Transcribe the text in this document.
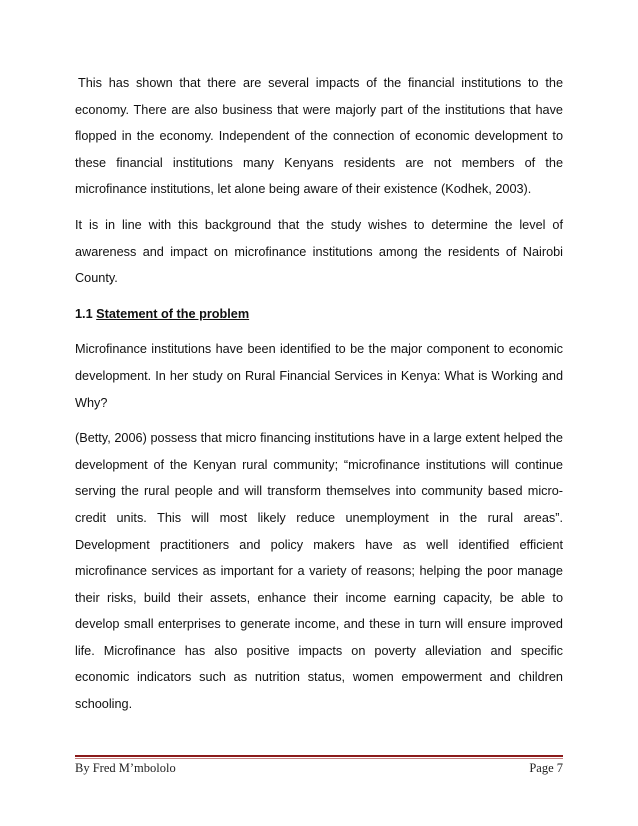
This has shown that there are several impacts of the financial institutions to the economy. There are also business that were majorly part of the institutions that have flopped in the economy. Independent of the connection of economic development to these financial institutions many Kenyans residents are not members of the microfinance institutions, let alone being aware of their existence (Kodhek, 2003).

It is in line with this background that the study wishes to determine the level of awareness and impact on microfinance institutions among the residents of Nairobi County.

1.1 Statement of the problem

Microfinance institutions have been identified to be the major component to economic development. In her study on Rural Financial Services in Kenya: What is Working and Why?

(Betty, 2006) possess that micro financing institutions have in a large extent helped the development of the Kenyan rural community; “microfinance institutions will continue serving the rural people and will transform themselves into community based micro-credit units. This will most likely reduce unemployment in the rural areas”. Development practitioners and policy makers have as well identified efficient microfinance services as important for a variety of reasons; helping the poor manage their risks, build their assets, enhance their income earning capacity, be able to develop small enterprises to generate income, and these in turn will ensure improved life. Microfinance has also positive impacts on poverty alleviation and specific economic indicators such as nutrition status, women empowerment and children schooling.

By Fred M’mbololo	Page 7
